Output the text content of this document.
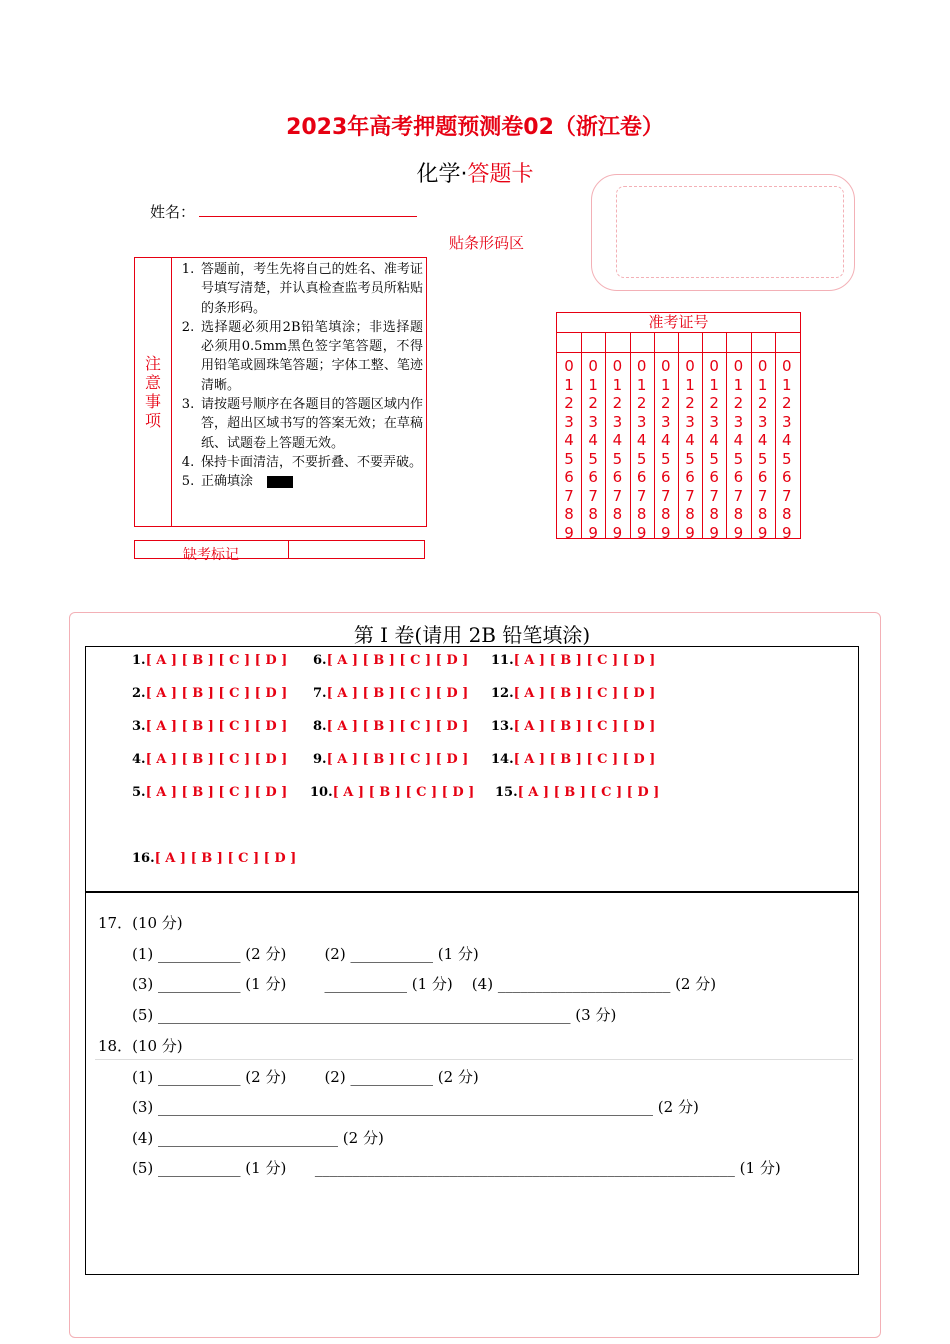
2023年高考押题预测卷02（浙江卷）
化学·答题卡
姓名：
贴条形码区
注
意
事
项
1. 答题前，考生先将自己的姓名、准考证号填写清楚，并认真检查监考员所粘贴的条形码。
2. 选择题必须用2B铅笔填涂；非选择题必须用0.5mm黑色签字笔答题，不得用铅笔或圆珠笔答题；字体工整、笔迹清晰。
3. 请按题号顺序在各题目的答题区域内作答，超出区域书写的答案无效；在草稿纸、试题卷上答题无效。
4. 保持卡面清洁，不要折叠、不要弄破。
5. 正确填涂
缺考标记
准考证号
0
1
2
3
4
5
6
7
8
9
0
1
2
3
4
5
6
7
8
9
0
1
2
3
4
5
6
7
8
9
0
1
2
3
4
5
6
7
8
9
0
1
2
3
4
5
6
7
8
9
0
1
2
3
4
5
6
7
8
9
0
1
2
3
4
5
6
7
8
9
0
1
2
3
4
5
6
7
8
9
0
1
2
3
4
5
6
7
8
9
0
1
2
3
4
5
6
7
8
9
第 I 卷(请用 2B 铅笔填涂)
1.[ A ] [ B ] [ C ] [ D ]
2.[ A ] [ B ] [ C ] [ D ]
3.[ A ] [ B ] [ C ] [ D ]
4.[ A ] [ B ] [ C ] [ D ]
5.[ A ] [ B ] [ C ] [ D ]
6.[ A ] [ B ] [ C ] [ D ]
7.[ A ] [ B ] [ C ] [ D ]
8.[ A ] [ B ] [ C ] [ D ]
9.[ A ] [ B ] [ C ] [ D ]
10.[ A ] [ B ] [ C ] [ D ]
11.[ A ] [ B ] [ C ] [ D ]
12.[ A ] [ B ] [ C ] [ D ]
13.[ A ] [ B ] [ C ] [ D ]
14.[ A ] [ B ] [ C ] [ D ]
15.[ A ] [ B ] [ C ] [ D ]
16.[ A ] [ B ] [ C ] [ D ]
17．(10 分)
(1) ___________ (2 分)        (2) ___________ (1 分)
(3) ___________ (1 分)        ___________ (1 分)    (4) _______________________ (2 分)
(5) _______________________________________________________ (3 分)
18．(10 分)
(1) ___________ (2 分)        (2) ___________ (2 分)
(3) __________________________________________________________________ (2 分)
(4) ________________________ (2 分)
(5) ___________ (1 分)      ________________________________________________________ (1 分)
